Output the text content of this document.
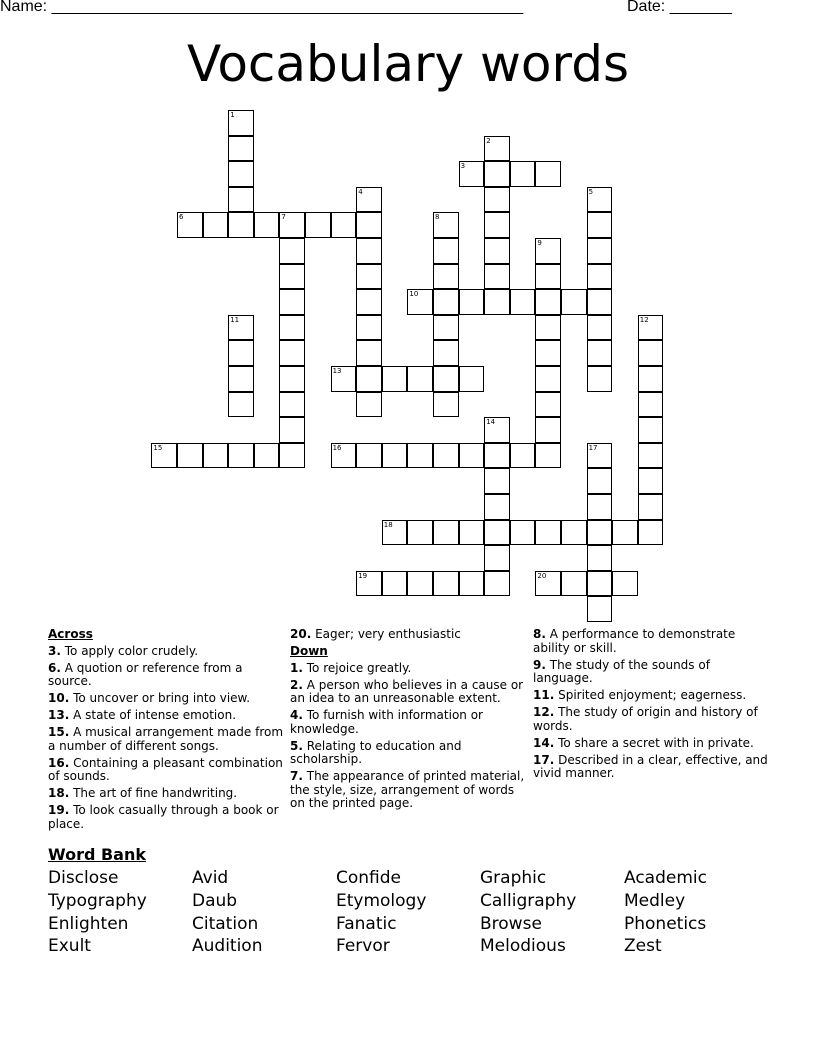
Name: _____________________________________________________	Date: _______
Vocabulary words
1
2
3
4	5
6	7	8
9
10
11	12
13
14
15	16	17
18
19	20
Across
3. To apply color crudely.
6. A quotion or reference from a source.
10. To uncover or bring into view.
13. A state of intense emotion.
15. A musical arrangement made from a number of different songs.
16. Containing a pleasant combination of sounds.
18. The art of fine handwriting.
19. To look casually through a book or place.
20. Eager; very enthusiastic
Down
1. To rejoice greatly.
2. A person who believes in a cause or an idea to an unreasonable extent.
4. To furnish with information or knowledge.
5. Relating to education and scholarship.
7. The appearance of printed material, the style, size, arrangement of words on the printed page.
8. A performance to demonstrate ability or skill.
9. The study of the sounds of language.
11. Spirited enjoyment; eagerness.
12. The study of origin and history of words.
14. To share a secret with in private.
17. Described in a clear, effective, and vivid manner.
Word Bank
Disclose	Avid	Confide	Graphic	Academic
Typography	Daub	Etymology	Calligraphy	Medley
Enlighten	Citation	Fanatic	Browse	Phonetics
Exult	Audition	Fervor	Melodious	Zest
